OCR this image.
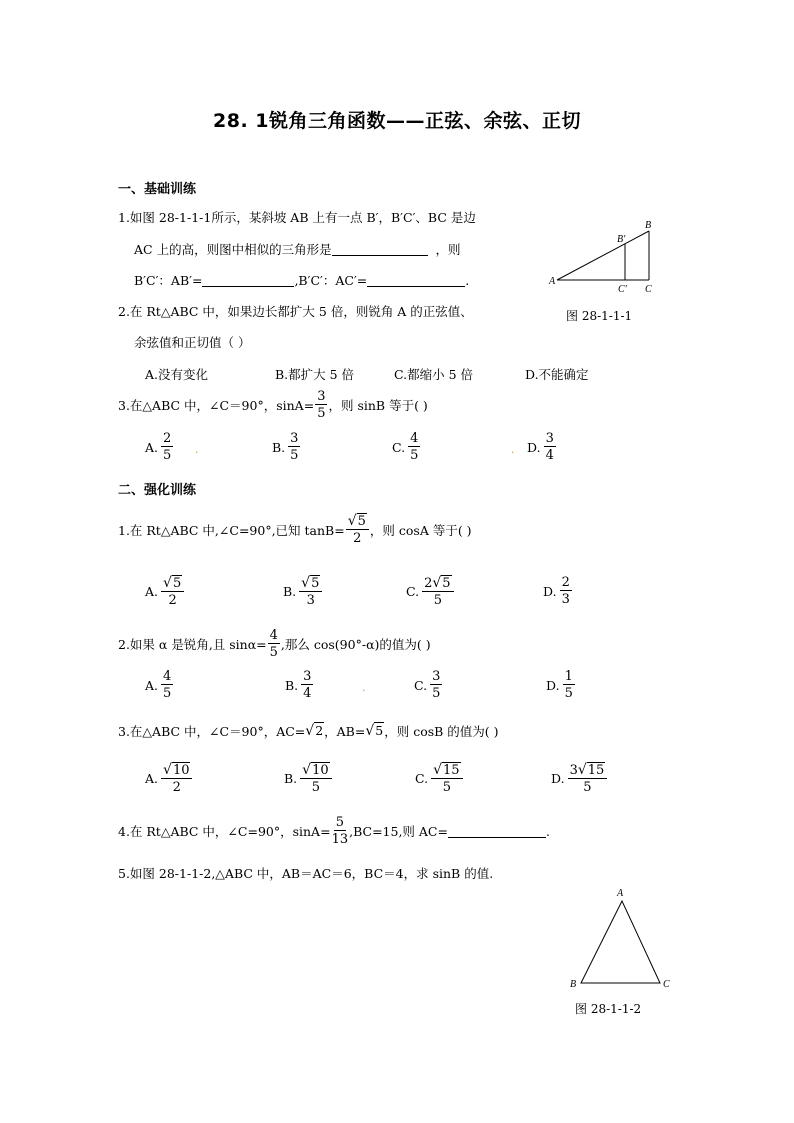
28. 1锐角三角函数——正弦、余弦、正切
一、基础训练
1.如图 28-1-1-1所示，某斜坡 AB 上有一点 B′，B′C′、BC 是边
AC 上的高，则图中相似的三角形是	，则
B′C′：AB′=	,B′C′：AC′=	.	A
B
B′
C′ C
图 28-1-1-1
2.在 Rt△ABC 中，如果边长都扩大 5 倍，则锐角 A 的正弦值、
余弦值和正切值（ ）
A.没有变化	B.都扩大 5 倍	C.都缩小 5 倍	D.不能确定
3.在△ABC 中，∠C＝90°，$\sin A= \frac{3}{5}$ ，则 sinB 等于( )
A. $\frac{2}{5}$ .	B. $\frac{3}{5}$	C. $\frac{4}{5}$	. D. $\frac{3}{4}$
二、强化训练
1.在 Rt△ABC 中,∠C=90°,已知 $\tan B= \frac{√5}{2}$ ，则 cosA 等于( )
A. $\frac{√5}{2}$	B. $\frac{√5}{3}$	C. $\frac{2√5}{5}$	D. $\frac{2}{3}$
2.如果 α 是锐角,且 $\sin\alpha= \frac{4}{5}$ ,那么 cos(90°-α)的值为( )
A. $\frac{4}{5}$	B. $\frac{3}{4}$	.	C. $\frac{3}{5}$	D. $\frac{1}{5}$
3.在△ABC 中，∠C＝90°，AC= √2 ，AB= √5 ，则 cosB 的值为( )
A. $\frac{√10}{2}$	B. $\frac{√10}{5}$	C. $\frac{√15}{5}$	D. $\frac{3√15}{5}$
4.在 Rt△ABC 中，∠C=90°，$\sin A= \frac{5}{13} ,BC=15$,则 AC=	.
5.如图 28-1-1-2,△ABC 中，AB＝AC＝6，BC＝4，求 sinB 的值.
A
B	C
图 28-1-1-2
